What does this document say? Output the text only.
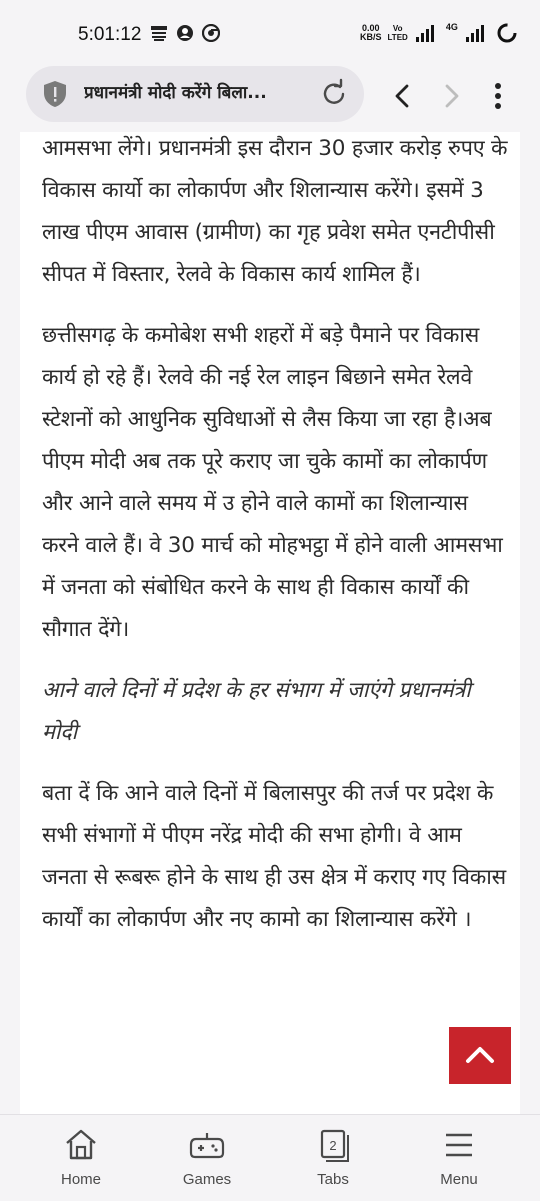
5:01:12	0.00
KB/S
Vo
LTED
4G
प्रधानमंत्री मोदी करेंगे बिला...

आमसभा लेंगे। प्रधानमंत्री इस दौरान 30 हजार करोड़ रुपए के विकास कार्यो का लोकार्पण और शिलान्यास करेंगे। इसमें 3 लाख पीएम आवास (ग्रामीण) का गृह प्रवेश समेत एनटीपीसी सीपत में विस्तार, रेलवे के विकास कार्य शामिल हैं।

छत्तीसगढ़ के कमोबेश सभी शहरों में बड़े पैमाने पर विकास कार्य हो रहे हैं। रेलवे की नई रेल लाइन बिछाने समेत रेलवे स्टेशनों को आधुनिक सुविधाओं से लैस किया जा रहा है।अब पीएम मोदी अब तक पूरे कराए जा चुके कामों का लोकार्पण और आने वाले समय में उ होने वाले कामों का शिलान्यास करने वाले हैं। वे 30 मार्च को मोहभट्ठा में होने वाली आमसभा में जनता को संबोधित करने के साथ ही विकास कार्यों की सौगात देंगे।

आने वाले दिनों में प्रदेश के हर संभाग में जाएंगे प्रधानमंत्री मोदी

बता दें कि आने वाले दिनों में बिलासपुर की तर्ज पर प्रदेश के सभी संभागों में पीएम नरेंद्र मोदी की सभा होगी। वे आम जनता से रूबरू होने के साथ ही उस क्षेत्र में कराए गए विकास कार्यों का लोकार्पण और नए कामो का शिलान्यास करेंगे ।

Home	Games
2
Tabs	Menu
